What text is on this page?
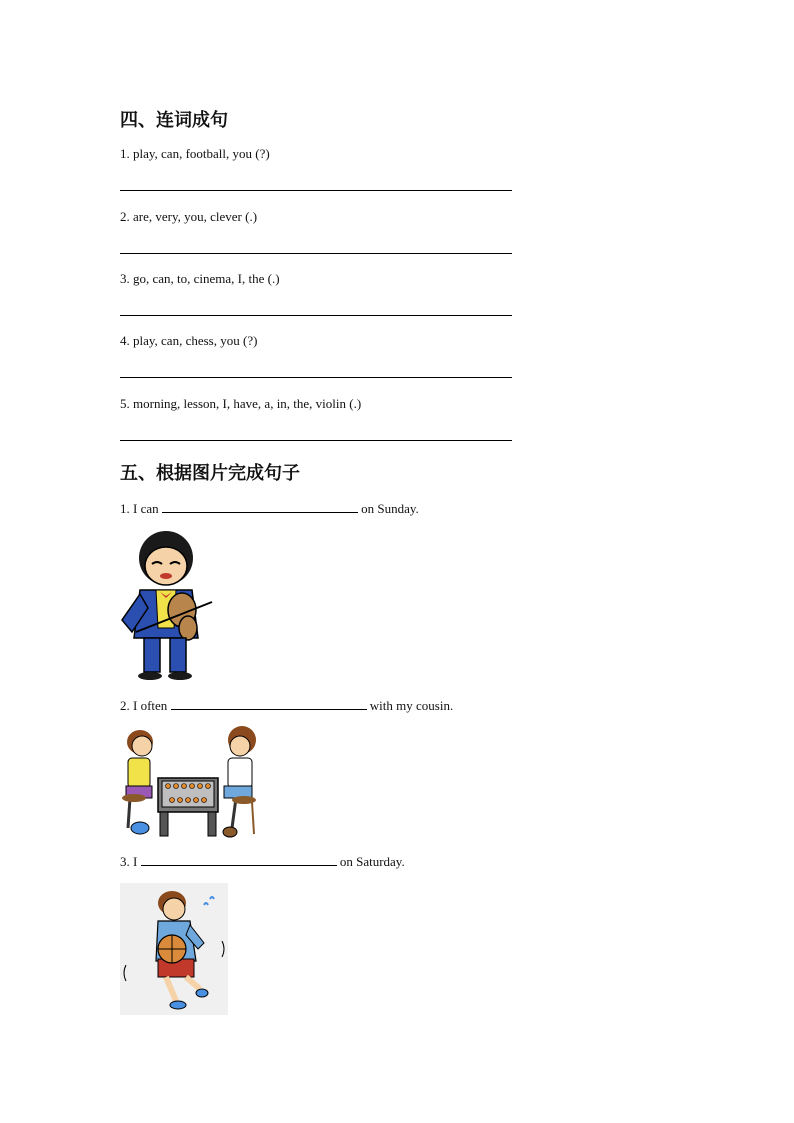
四、连词成句
1. play, can, football, you (?)
2. are, very, you, clever (.)
3. go, can, to, cinema, I, the (.)
4. play, can, chess, you (?)
5. morning, lesson, I, have, a, in, the, violin (.)
五、根据图片完成句子
1. I can	on Sunday.
2. I often	with my cousin.
3. I	on Saturday.
